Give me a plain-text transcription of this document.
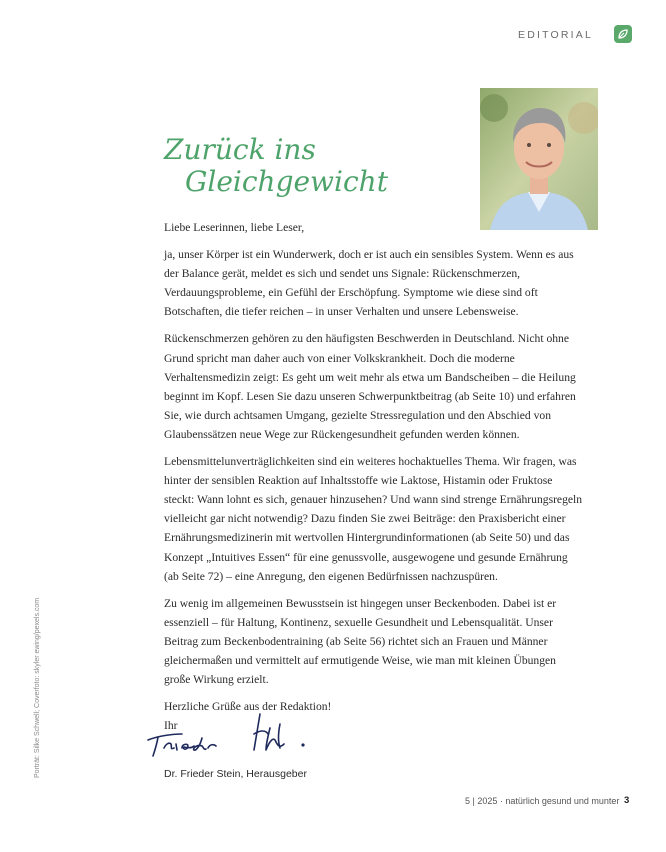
EDITORIAL
Zurück ins
Gleichgewicht

Liebe Leserinnen, liebe Leser,

ja, unser Körper ist ein Wunderwerk, doch er ist auch ein sensibles System. Wenn es aus der Balance gerät, meldet es sich und sendet uns Signale: Rückenschmerzen, Verdauungsprobleme, ein Gefühl der Erschöpfung. Symptome wie diese sind oft Botschaften, die tiefer reichen – in unser Verhalten und unsere Lebensweise.

Rückenschmerzen gehören zu den häufigsten Beschwerden in Deutschland. Nicht ohne Grund spricht man daher auch von einer Volkskrankheit. Doch die moderne Verhaltensmedizin zeigt: Es geht um weit mehr als etwa um Bandscheiben – die Heilung beginnt im Kopf. Lesen Sie dazu unseren Schwerpunktbeitrag (ab Seite 10) und erfahren Sie, wie durch achtsamen Umgang, gezielte Stressregulation und den Abschied von Glaubenssätzen neue Wege zur Rückengesundheit gefunden werden können.

Lebensmittelunverträglichkeiten sind ein weiteres hochaktuelles Thema. Wir fragen, was hinter der sensiblen Reaktion auf Inhaltsstoffe wie Laktose, Histamin oder Fruktose steckt: Wann lohnt es sich, genauer hinzusehen? Und wann sind strenge Ernährungsregeln vielleicht gar nicht notwendig? Dazu finden Sie zwei Beiträge: den Praxisbericht einer Ernährungsmedizinerin mit wertvollen Hintergrundinformationen (ab Seite 50) und das Konzept „Intuitives Essen“ für eine genussvolle, ausgewogene und gesunde Ernährung (ab Seite 72) – eine Anregung, den eigenen Bedürfnissen nachzuspüren.

Zu wenig im allgemeinen Bewusstsein ist hingegen unser Beckenboden. Dabei ist er essenziell – für Haltung, Kontinenz, sexuelle Gesundheit und Lebensqualität. Unser Beitrag zum Beckenbodentraining (ab Seite 56) richtet sich an Frauen und Männer gleichermaßen und vermittelt auf ermutigende Weise, wie man mit kleinen Übungen große Wirkung erzielt.

Herzliche Grüße aus der Redaktion!

Ihr

Dr. Frieder Stein, Herausgeber
Porträt: Silke Schwell; Coverfoto: skyler ewing/pexels.com
5 | 2025 · natürlich gesund und munter 3
